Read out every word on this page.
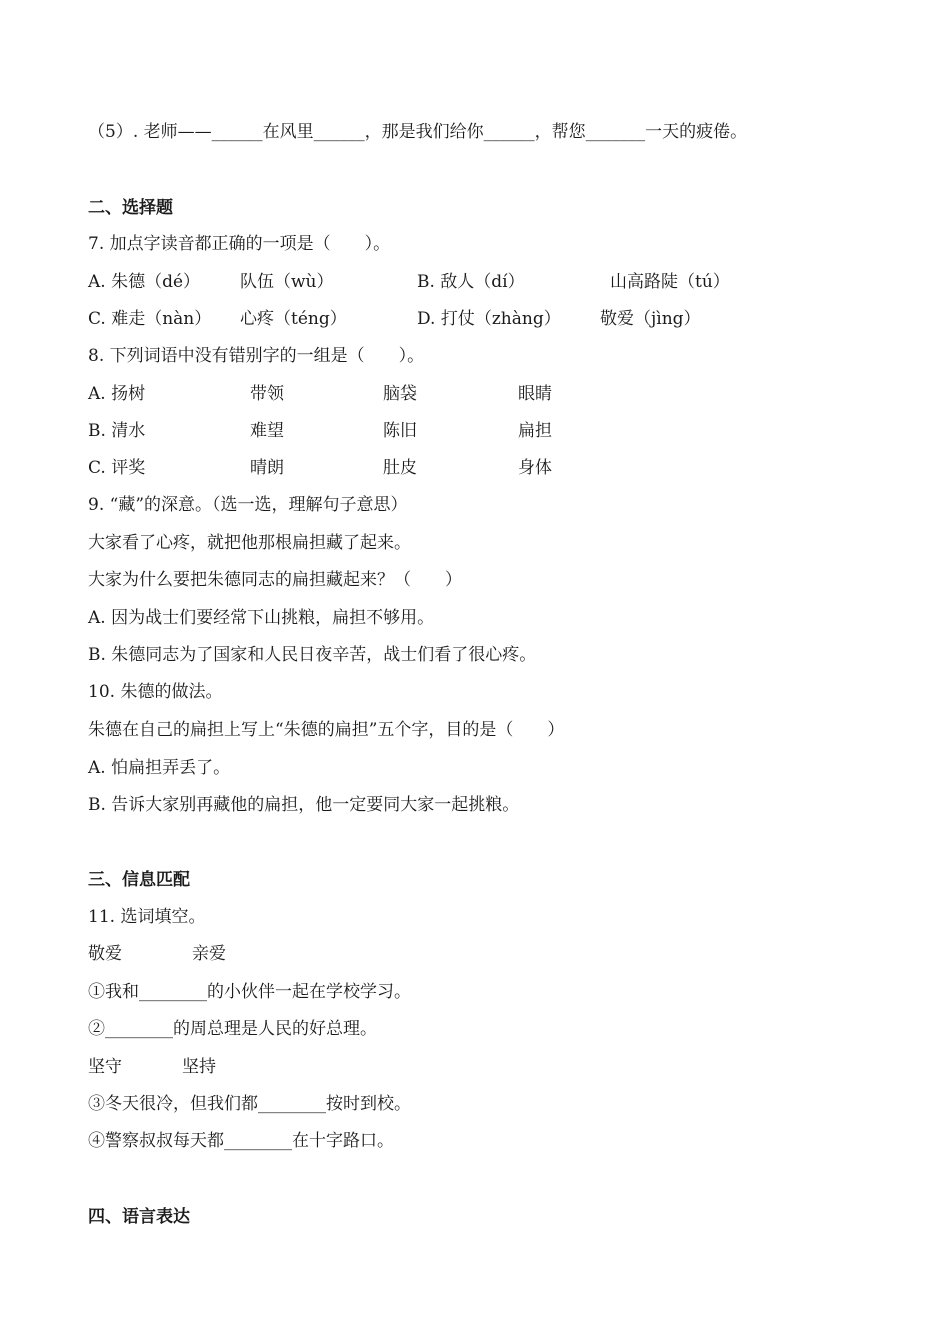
（5）. 老师——______在风里______，那是我们给你______，帮您_______一天的疲倦。
二、选择题
7. 加点字读音都正确的一项是（　　）。
A. 朱德（dé） 队伍（wù）	B. 敌人（dí）	山高路陡（tú）
C. 难走（nàn） 心疼（téng）	D. 打仗（zhàng） 敬爱（jìng）
8. 下列词语中没有错别字的一组是（　　）。
A. 扬树	带领	脑袋	眼睛
B. 清水	难望	陈旧	扁担
C. 评奖	晴朗	肚皮	身体
9. “藏”的深意。（选一选，理解句子意思）
大家看了心疼，就把他那根扁担藏了起来。
大家为什么要把朱德同志的扁担藏起来？（　　）
A. 因为战士们要经常下山挑粮，扁担不够用。
B. 朱德同志为了国家和人民日夜辛苦，战士们看了很心疼。
10. 朱德的做法。
朱德在自己的扁担上写上“朱德的扁担”五个字，目的是（　　）
A. 怕扁担弄丢了。
B. 告诉大家别再藏他的扁担，他一定要同大家一起挑粮。
三、信息匹配
11. 选词填空。
敬爱	亲爱
①我和________的小伙伴一起在学校学习。
②________的周总理是人民的好总理。
坚守	坚持
③冬天很冷，但我们都________按时到校。
④警察叔叔每天都________在十字路口。
四、语言表达
